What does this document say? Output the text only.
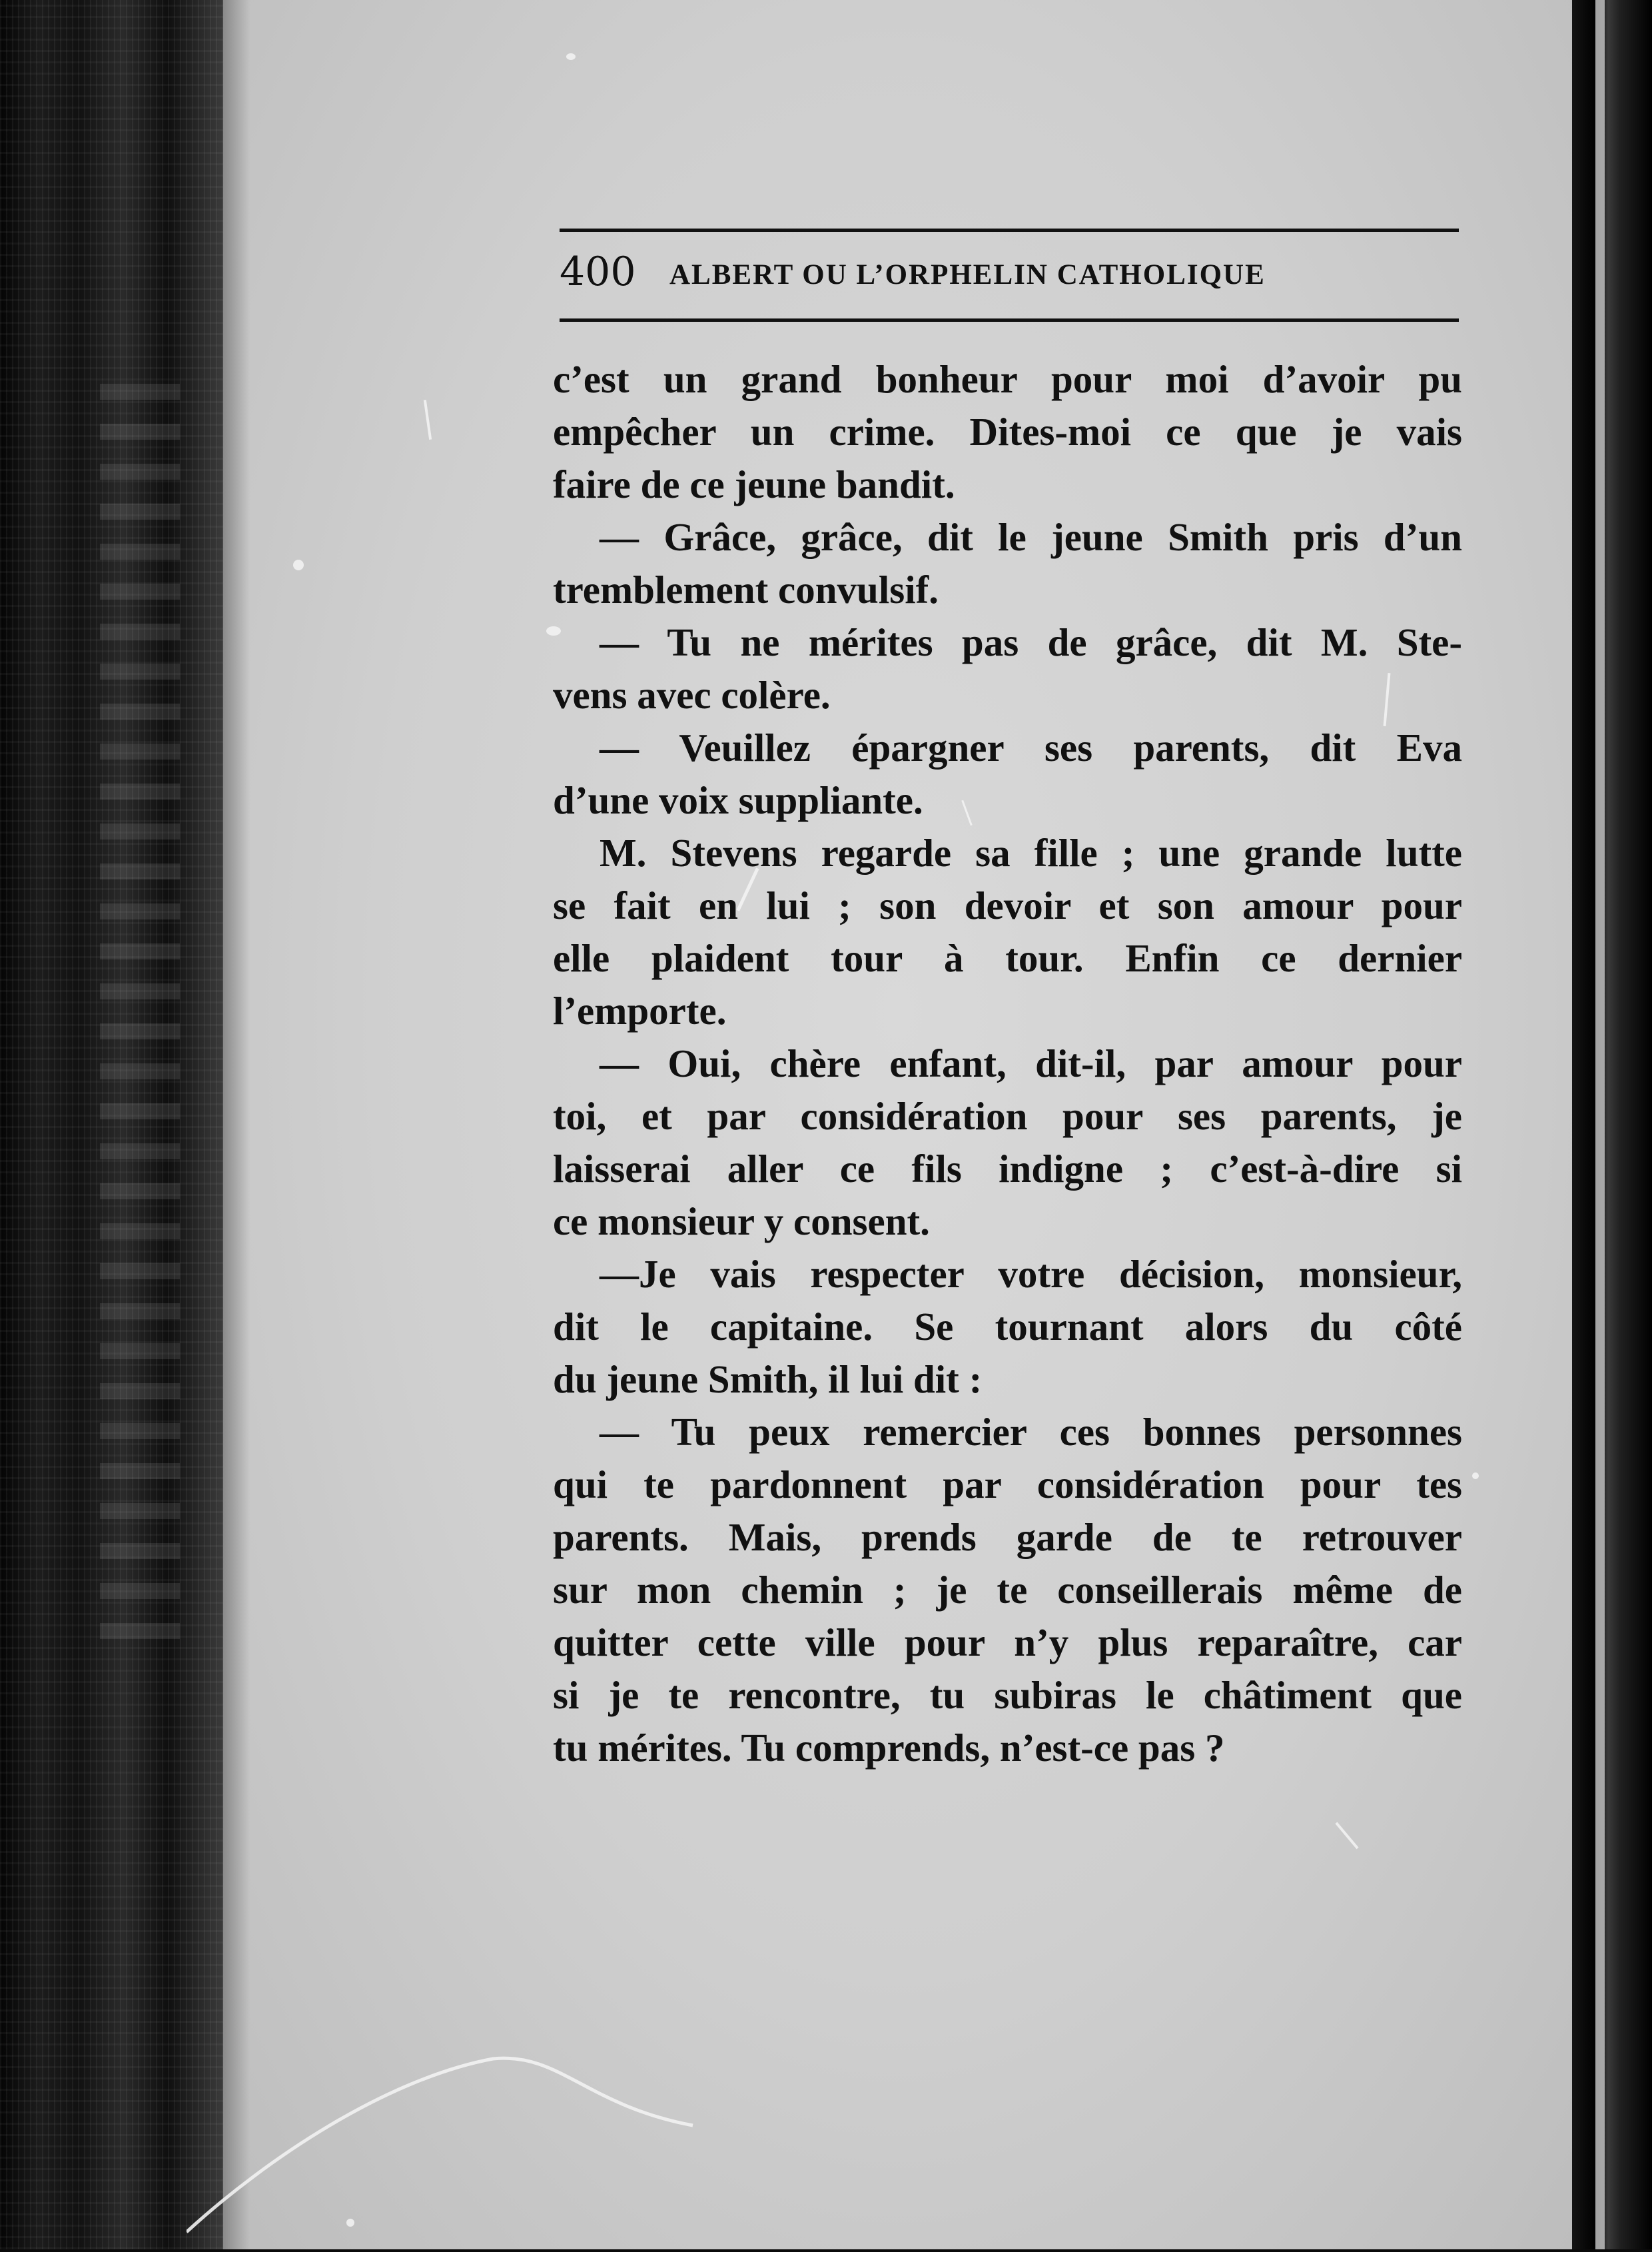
400 ALBERT OU L’ORPHELIN CATHOLIQUE
c’est un grand bonheur pour moi d’avoir pu
empêcher un crime. Dites-moi ce que je vais
faire de ce jeune bandit.
— Grâce, grâce, dit le jeune Smith pris d’un
tremblement convulsif.
— Tu ne mérites pas de grâce, dit M. Ste-
vens avec colère.
— Veuillez épargner ses parents, dit Eva
d’une voix suppliante.
M. Stevens regarde sa fille ; une grande lutte
se fait en lui ; son devoir et son amour pour
elle plaident tour à tour. Enfin ce dernier
l’emporte.
— Oui, chère enfant, dit-il, par amour pour
toi, et par considération pour ses parents, je
laisserai aller ce fils indigne ; c’est-à-dire si
ce monsieur y consent.
—Je vais respecter votre décision, monsieur,
dit le capitaine. Se tournant alors du côté
du jeune Smith, il lui dit :
— Tu peux remercier ces bonnes personnes
qui te pardonnent par considération pour tes
parents. Mais, prends garde de te retrouver
sur mon chemin ; je te conseillerais même de
quitter cette ville pour n’y plus reparaître, car
si je te rencontre, tu subiras le châtiment que
tu mérites. Tu comprends, n’est-ce pas ?
